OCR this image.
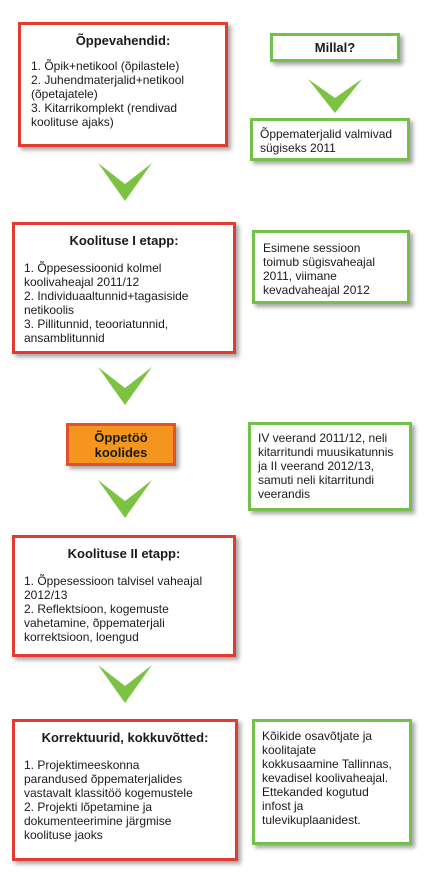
Õppevahendid:
1. Õpik+netikool (õpilastele)
2. Juhendmaterjalid+netikool
(õpetajatele)
3. Kitarrikomplekt (rendivad
koolituse ajaks)
Koolituse I etapp:
1. Õppesessioonid kolmel
koolivaheajal 2011/12
2. Individuaaltunnid+tagasiside
netikoolis
3. Pillitunnid, teooriatunnid,
ansamblitunnid
Õppetöö
koolides
Koolituse II etapp:
1. Õppesessioon talvisel vaheajal
2012/13
2. Reflektsioon, kogemuste
vahetamine, õppematerjali
korrektsioon, loengud
Korrektuurid, kokkuvõtted:
1. Projektimeeskonna
parandused õppematerjalides
vastavalt klassitöö kogemustele
2. Projekti lõpetamine ja
dokumenteerimine järgmise
koolituse jaoks
Millal?
Õppematerjalid valmivad
sügiseks 2011
Esimene sessioon
toimub sügisvaheajal
2011, viimane
kevadvaheajal 2012
IV veerand 2011/12, neli
kitarritundi muusikatunnis
ja II veerand 2012/13,
samuti neli kitarritundi
veerandis
Kõikide osavõtjate ja
koolitajate
kokkusaamine Tallinnas,
kevadisel koolivaheajal.
Ettekanded kogutud
infost ja
tulevikuplaanidest.
